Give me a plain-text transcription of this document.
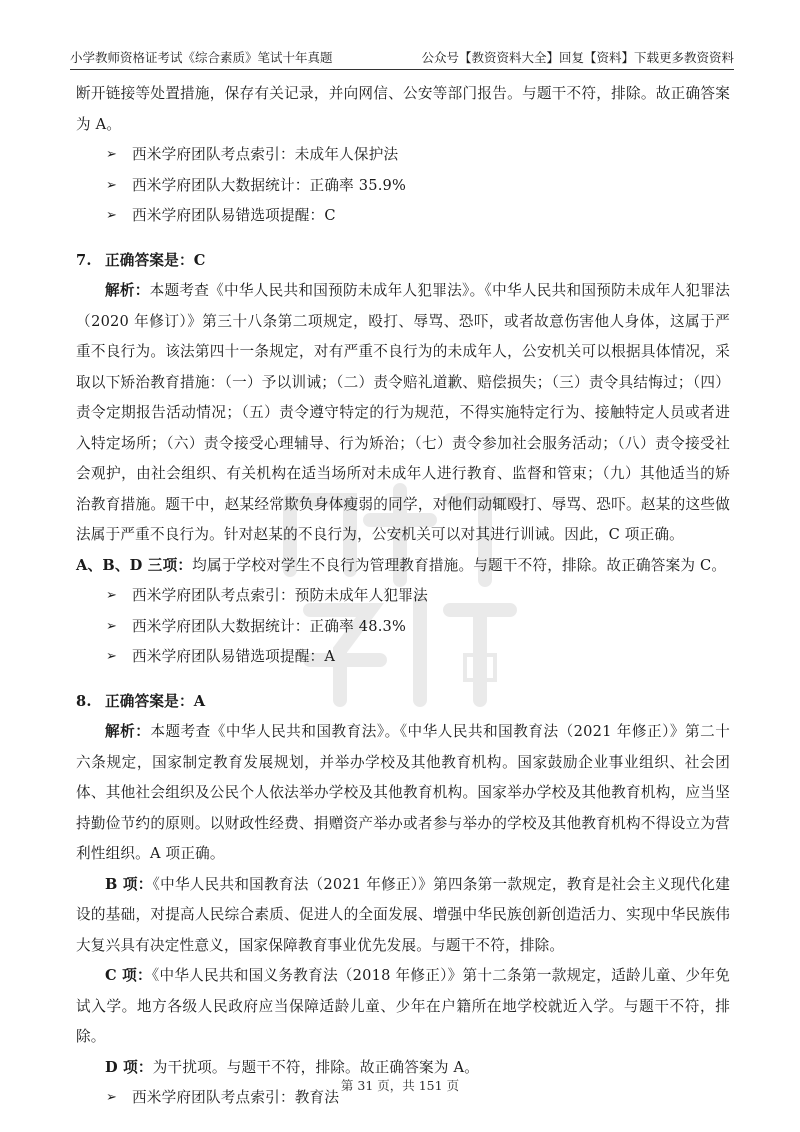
小学教师资格证考试《综合素质》笔试十年真题	公众号【教资资料大全】回复【资料】下载更多教资资料

断开链接等处置措施，保存有关记录，并向网信、公安等部门报告。与题干不符，排除。故正确答案为 A。

➢ 西米学府团队考点索引：未成年人保护法

➢ 西米学府团队大数据统计：正确率 35.9%

➢ 西米学府团队易错选项提醒：C

7. 正确答案是：C

解析：本题考查《中华人民共和国预防未成年人犯罪法》。《中华人民共和国预防未成年人犯罪法（2020 年修订）》第三十八条第二项规定，殴打、辱骂、恐吓，或者故意伤害他人身体，这属于严重不良行为。该法第四十一条规定，对有严重不良行为的未成年人，公安机关可以根据具体情况，采取以下矫治教育措施：（一）予以训诫；（二）责令赔礼道歉、赔偿损失；（三）责令具结悔过；（四）责令定期报告活动情况；（五）责令遵守特定的行为规范，不得实施特定行为、接触特定人员或者进入特定场所；（六）责令接受心理辅导、行为矫治；（七）责令参加社会服务活动；（八）责令接受社会观护，由社会组织、有关机构在适当场所对未成年人进行教育、监督和管束；（九）其他适当的矫治教育措施。题干中，赵某经常欺负身体瘦弱的同学，对他们动辄殴打、辱骂、恐吓。赵某的这些做法属于严重不良行为。针对赵某的不良行为，公安机关可以对其进行训诫。因此，C 项正确。

A、B、D 三项：均属于学校对学生不良行为管理教育措施。与题干不符，排除。故正确答案为 C。

➢ 西米学府团队考点索引：预防未成年人犯罪法

➢ 西米学府团队大数据统计：正确率 48.3%

➢ 西米学府团队易错选项提醒：A

8. 正确答案是：A

解析：本题考查《中华人民共和国教育法》。《中华人民共和国教育法（2021 年修正）》第二十六条规定，国家制定教育发展规划，并举办学校及其他教育机构。国家鼓励企业事业组织、社会团体、其他社会组织及公民个人依法举办学校及其他教育机构。国家举办学校及其他教育机构，应当坚持勤俭节约的原则。以财政性经费、捐赠资产举办或者参与举办的学校及其他教育机构不得设立为营利性组织。A 项正确。

B 项：《中华人民共和国教育法（2021 年修正）》第四条第一款规定，教育是社会主义现代化建设的基础，对提高人民综合素质、促进人的全面发展、增强中华民族创新创造活力、实现中华民族伟大复兴具有决定性意义，国家保障教育事业优先发展。与题干不符，排除。

C 项：《中华人民共和国义务教育法（2018 年修正）》第十二条第一款规定，适龄儿童、少年免试入学。地方各级人民政府应当保障适龄儿童、少年在户籍所在地学校就近入学。与题干不符，排除。

D 项：为干扰项。与题干不符，排除。故正确答案为 A。

➢ 西米学府团队考点索引：教育法

第 31 页，共 151 页
